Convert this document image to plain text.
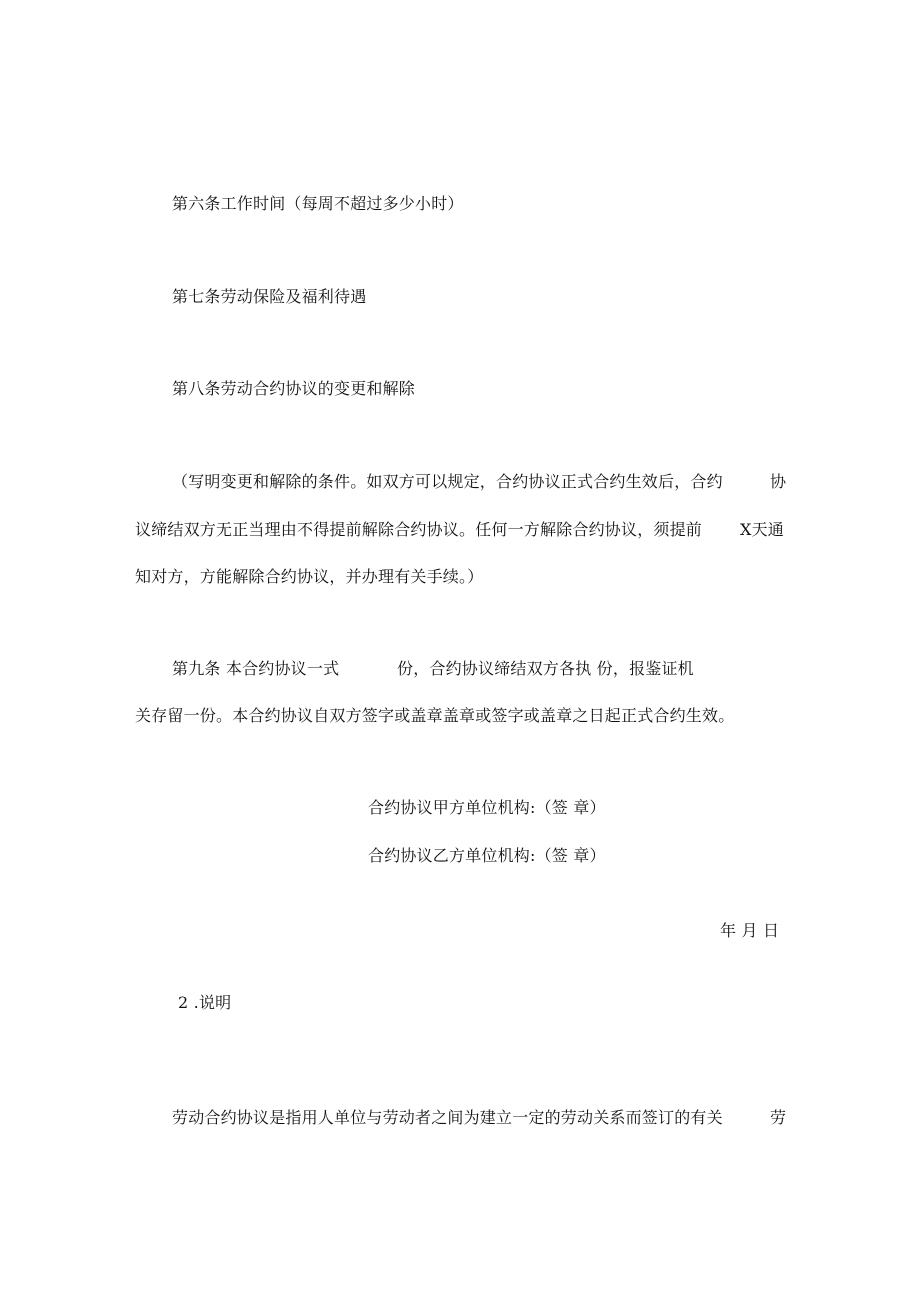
第六条工作时间（每周不超过多少小时）
第七条劳动保险及福利待遇
第八条劳动合约协议的变更和解除
（写明变更和解除的条件。如双方可以规定，合约协议正式合约生效后，合约	协
议缔结双方无正当理由不得提前解除合约协议。任何一方解除合约协议，须提前 X天通
知对方，方能解除合约协议，并办理有关手续。）
第九条 本合约协议一式	份，合约协议缔结双方各执 份，报鉴证机
关存留一份。本合约协议自双方签字或盖章盖章或签字或盖章之日起正式合约生效。
合约协议甲方单位机构:（签 章）
合约协议乙方单位机构:（签 章）
年 月 日
2 .说明
劳动合约协议是指用人单位与劳动者之间为建立一定的劳动关系而签订的有关	劳
